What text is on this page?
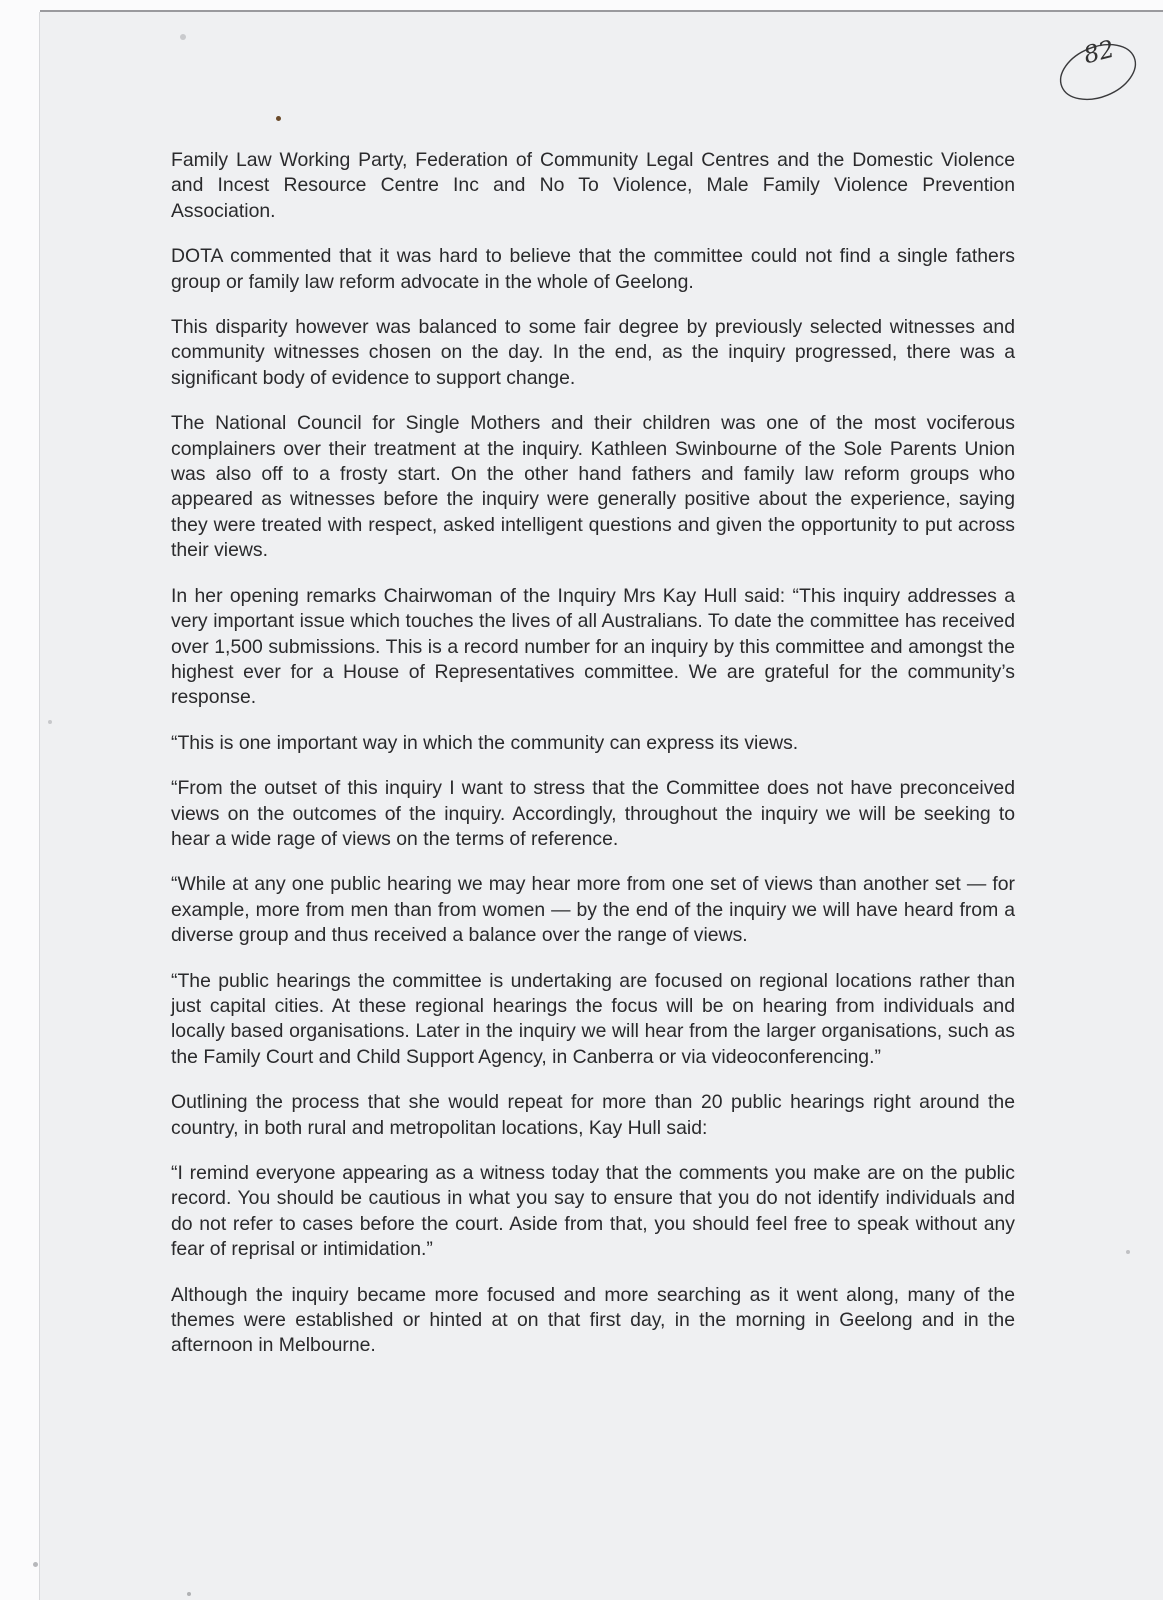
82

Family Law Working Party, Federation of Community Legal Centres and the Domestic Violence and Incest Resource Centre Inc and No To Violence, Male Family Violence Prevention Association.

DOTA commented that it was hard to believe that the committee could not find a single fathers group or family law reform advocate in the whole of Geelong.

This disparity however was balanced to some fair degree by previously selected witnesses and community witnesses chosen on the day. In the end, as the inquiry progressed, there was a significant body of evidence to support change.

The National Council for Single Mothers and their children was one of the most vociferous complainers over their treatment at the inquiry. Kathleen Swinbourne of the Sole Parents Union was also off to a frosty start. On the other hand fathers and family law reform groups who appeared as witnesses before the inquiry were generally positive about the experience, saying they were treated with respect, asked intelligent questions and given the opportunity to put across their views.

In her opening remarks Chairwoman of the Inquiry Mrs Kay Hull said: “This inquiry addresses a very important issue which touches the lives of all Australians. To date the committee has received over 1,500 submissions. This is a record number for an inquiry by this committee and amongst the highest ever for a House of Representatives committee. We are grateful for the community’s response.

“This is one important way in which the community can express its views.

“From the outset of this inquiry I want to stress that the Committee does not have preconceived views on the outcomes of the inquiry. Accordingly, throughout the inquiry we will be seeking to hear a wide rage of views on the terms of reference.

“While at any one public hearing we may hear more from one set of views than another set — for example, more from men than from women — by the end of the inquiry we will have heard from a diverse group and thus received a balance over the range of views.

“The public hearings the committee is undertaking are focused on regional locations rather than just capital cities. At these regional hearings the focus will be on hearing from individuals and locally based organisations. Later in the inquiry we will hear from the larger organisations, such as the Family Court and Child Support Agency, in Canberra or via videoconferencing.”

Outlining the process that she would repeat for more than 20 public hearings right around the country, in both rural and metropolitan locations, Kay Hull said:

“I remind everyone appearing as a witness today that the comments you make are on the public record. You should be cautious in what you say to ensure that you do not identify individuals and do not refer to cases before the court. Aside from that, you should feel free to speak without any fear of reprisal or intimidation.”

Although the inquiry became more focused and more searching as it went along, many of the themes were established or hinted at on that first day, in the morning in Geelong and in the afternoon in Melbourne.
